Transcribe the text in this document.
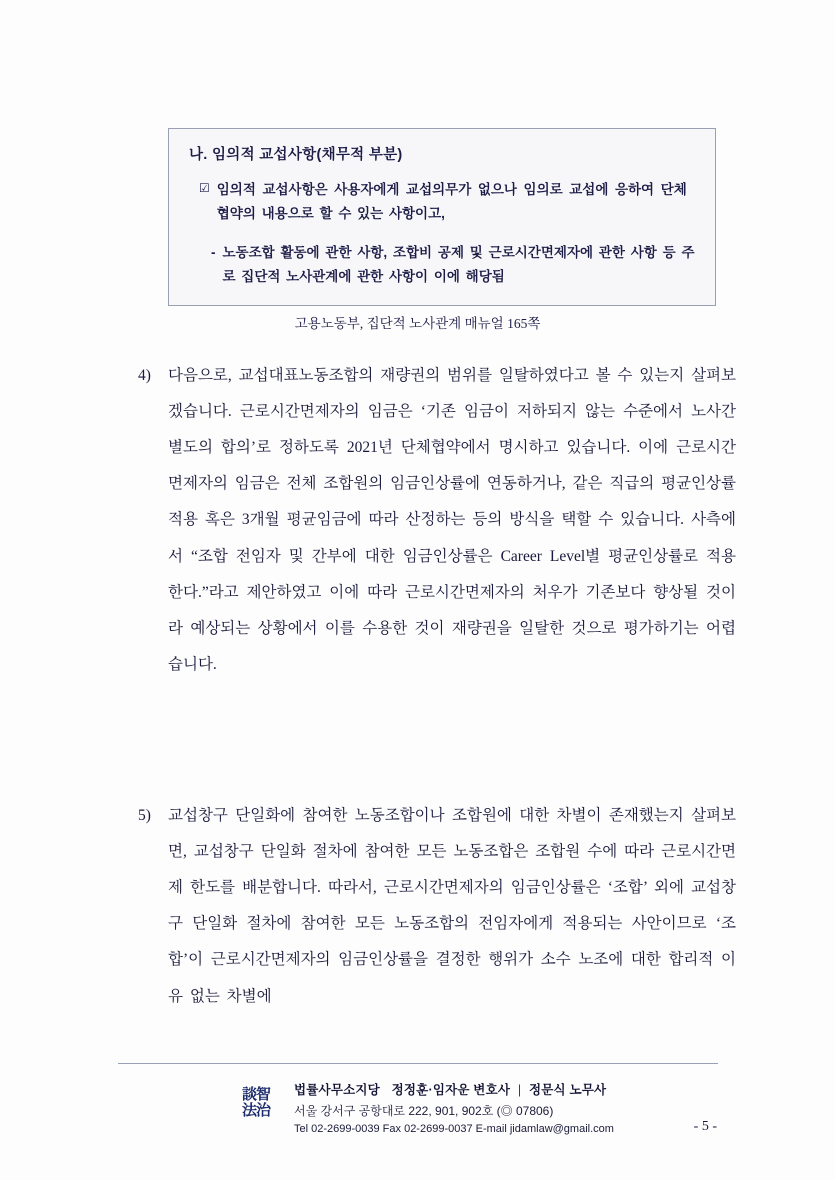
나. 임의적 교섭사항(채무적 부분)
☑ 임의적 교섭사항은 사용자에게 교섭의무가 없으나 임의로 교섭에 응하여 단체협약의 내용으로 할 수 있는 사항이고,
- 노동조합 활동에 관한 사항, 조합비 공제 및 근로시간면제자에 관한 사항 등 주로 집단적 노사관계에 관한 사항이 이에 해당됨
고용노동부, 집단적 노사관계 매뉴얼 165쪽
4)	다음으로, 교섭대표노동조합의 재량권의 범위를 일탈하였다고 볼 수 있는지 살펴보겠습니다. 근로시간면제자의 임금은 ‘기존 임금이 저하되지 않는 수준에서 노사간 별도의 합의’로 정하도록 2021년 단체협약에서 명시하고 있습니다. 이에 근로시간면제자의 임금은 전체 조합원의 임금인상률에 연동하거나, 같은 직급의 평균인상률 적용 혹은 3개월 평균임금에 따라 산정하는 등의 방식을 택할 수 있습니다. 사측에서 “조합 전임자 및 간부에 대한 임금인상률은 Career Level별 평균인상률로 적용한다.”라고 제안하였고 이에 따라 근로시간면제자의 처우가 기존보다 향상될 것이라 예상되는 상황에서 이를 수용한 것이 재량권을 일탈한 것으로 평가하기는 어렵습니다.
5)	교섭창구 단일화에 참여한 노동조합이나 조합원에 대한 차별이 존재했는지 살펴보면, 교섭창구 단일화 절차에 참여한 모든 노동조합은 조합원 수에 따라 근로시간면제 한도를 배분합니다. 따라서, 근로시간면제자의 임금인상률은 ‘조합’ 외에 교섭창구 단일화 절차에 참여한 모든 노동조합의 전임자에게 적용되는 사안이므로 ‘조합’이 근로시간면제자의 임금인상률을 결정한 행위가 소수 노조에 대한 합리적 이유 없는 차별에
談智
法治
법률사무소지당 정정훈·임자운 변호사 | 정문식 노무사
서울 강서구 공항대로 222, 901, 902호 (◎ 07806)
Tel 02-2699-0039 Fax 02-2699-0037 E-mail jidamlaw@gmail.com	- 5 -
